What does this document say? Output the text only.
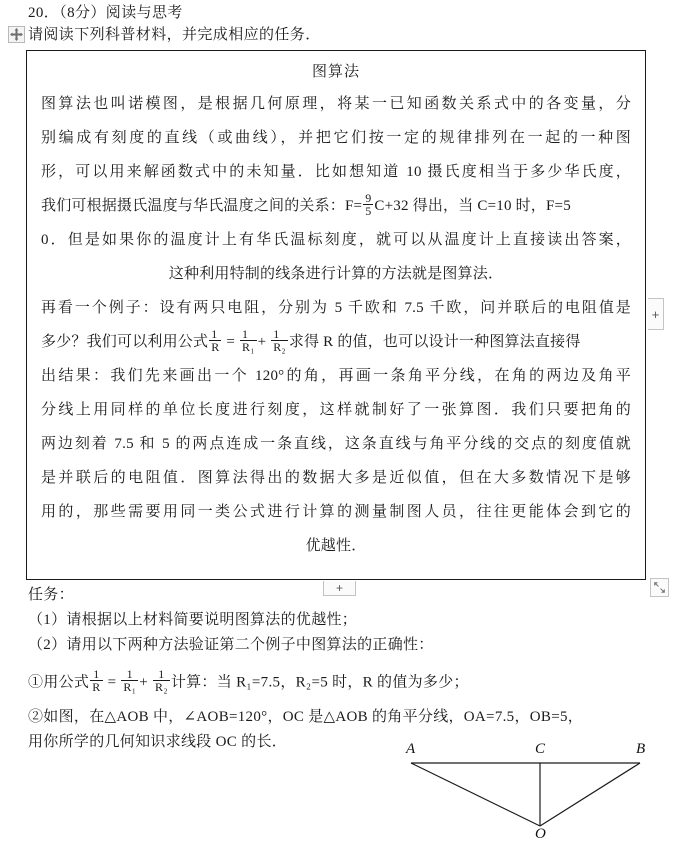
20．（8分）阅读与思考
请阅读下列科普材料，并完成相应的任务．
图算法
图算法也叫诺模图，是根据几何原理，将某一已知函数关系式中的各变量，分
别编成有刻度的直线（或曲线），并把它们按一定的规律排列在一起的一种图
形，可以用来解函数式中的未知量．比如想知道 10 摄氏度相当于多少华氏度，
我们可根据摄氏温度与华氏温度之间的关系：$F= \frac{9}{5} C+32$ 得出，当 C=10 时，F=5
0．但是如果你的温度计上有华氏温标刻度，就可以从温度计上直接读出答案，
这种利用特制的线条进行计算的方法就是图算法．
再看一个例子：设有两只电阻，分别为 5 千欧和 7.5 千欧，问并联后的电阻值是
多少？我们可以利用公式 $\frac{1}{R} = \frac{1}{\text{R₁}} + \frac{1}{\text{R₂}}$ 求得 R 的值，也可以设计一种图算法直接得
出结果：我们先来画出一个 120°的角，再画一条角平分线，在角的两边及角平
分线上用同样的单位长度进行刻度，这样就制好了一张算图．我们只要把角的
两边刻着 7.5 和 5 的两点连成一条直线，这条直线与角平分线的交点的刻度值就
是并联后的电阻值．图算法得出的数据大多是近似值，但在大多数情况下是够
用的，那些需要用同一类公式进行计算的测量制图人员，往往更能体会到它的
优越性．
+
+
任务：
（1）请根据以上材料简要说明图算法的优越性；
（2）请用以下两种方法验证第二个例子中图算法的正确性：
①用公式 $\frac{1}{R} = \frac{1}{\text{R₁}} + \frac{1}{\text{R₂}}$ 计算：当 R₁=7.5，R₂=5 时，R 的值为多少；
②如图，在△AOB 中，∠AOB=120°，OC 是△AOB 的角平分线，OA=7.5，OB=5，
用你所学的几何知识求线段 OC 的长．	A	C	B
O
